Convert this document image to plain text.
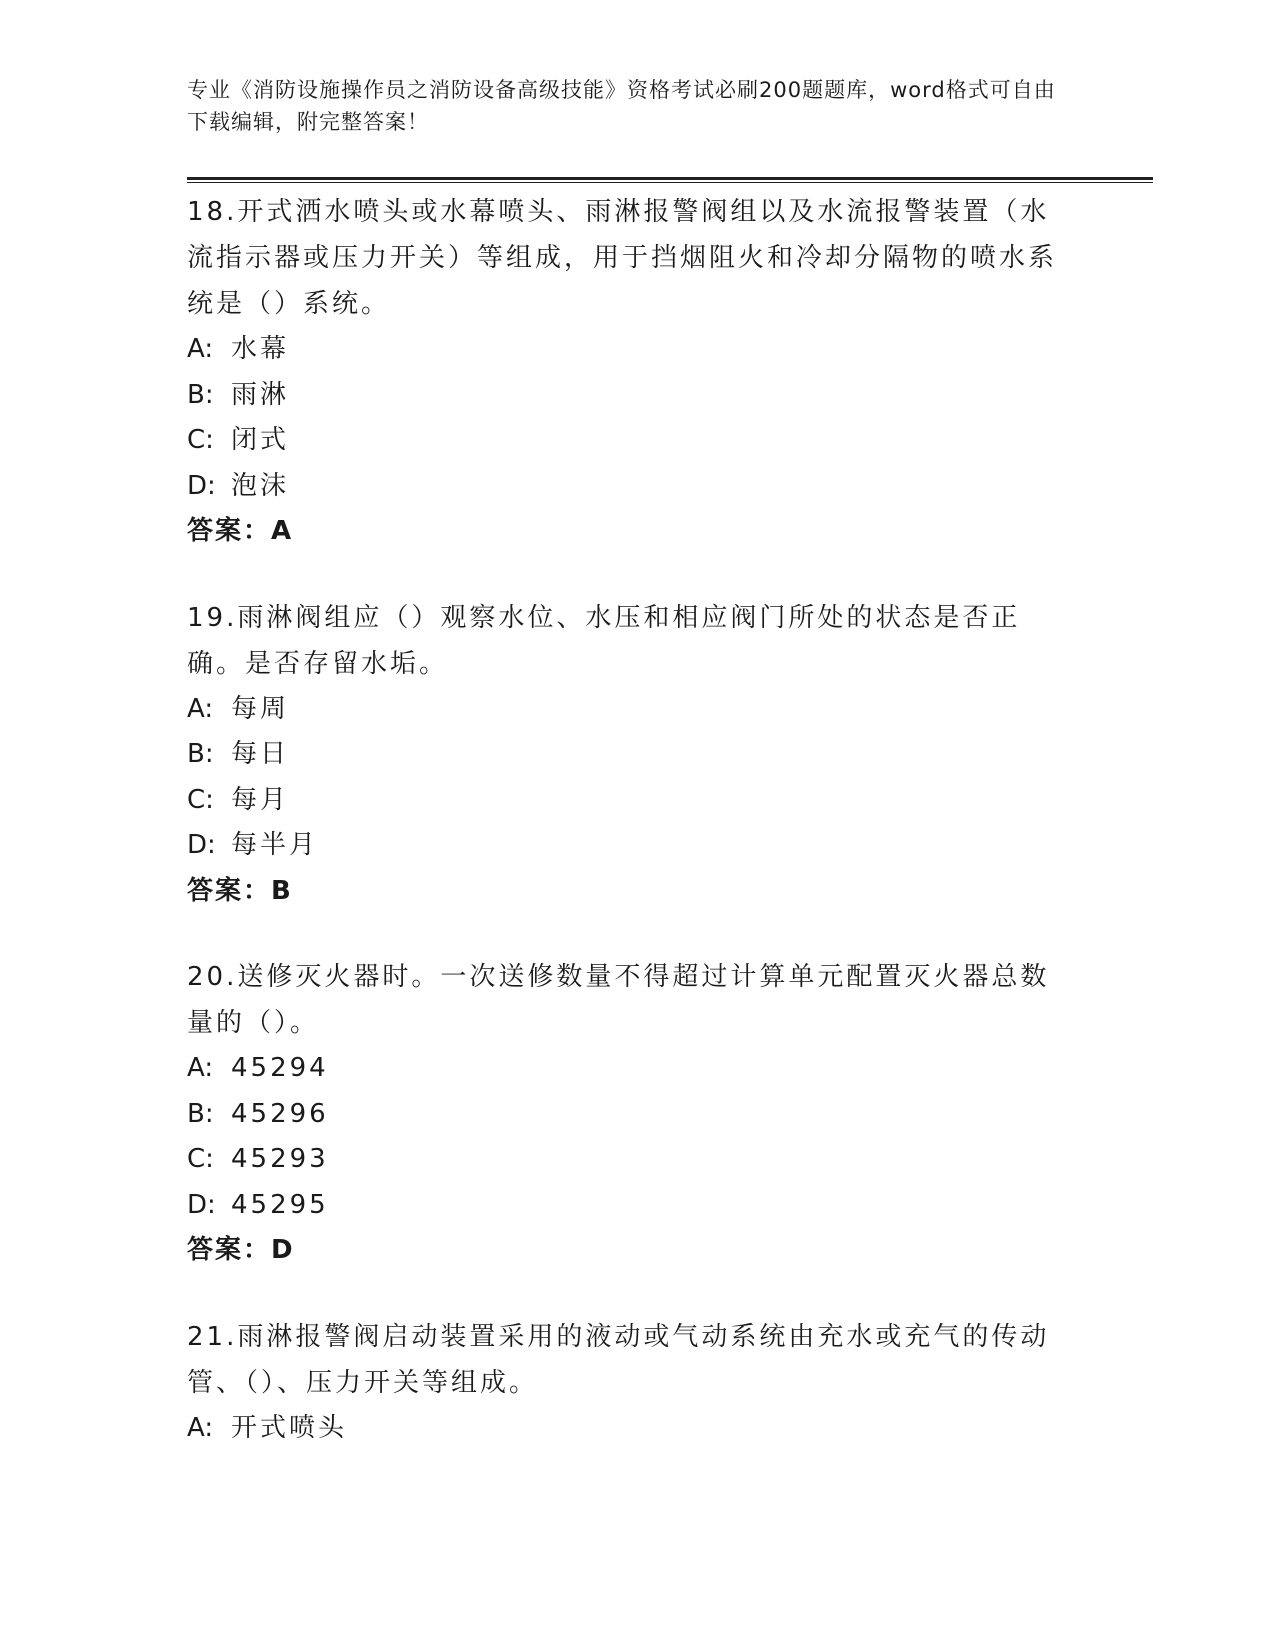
专业《消防设施操作员之消防设备高级技能》资格考试必刷200题题库，word格式可自由下载编辑，附完整答案！

18.开式洒水喷头或水幕喷头、雨淋报警阀组以及水流报警装置（水流指示器或压力开关）等组成，用于挡烟阻火和冷却分隔物的喷水系统是（）系统。

A: 水幕

B: 雨淋

C: 闭式

D: 泡沫

答案：A

19.雨淋阀组应（）观察水位、水压和相应阀门所处的状态是否正确。是否存留水垢。

A: 每周

B: 每日

C: 每月

D: 每半月

答案：B

20.送修灭火器时。一次送修数量不得超过计算单元配置灭火器总数量的（）。

A: 45294

B: 45296

C: 45293

D: 45295

答案：D

21.雨淋报警阀启动装置采用的液动或气动系统由充水或充气的传动管、（）、压力开关等组成。

A: 开式喷头
